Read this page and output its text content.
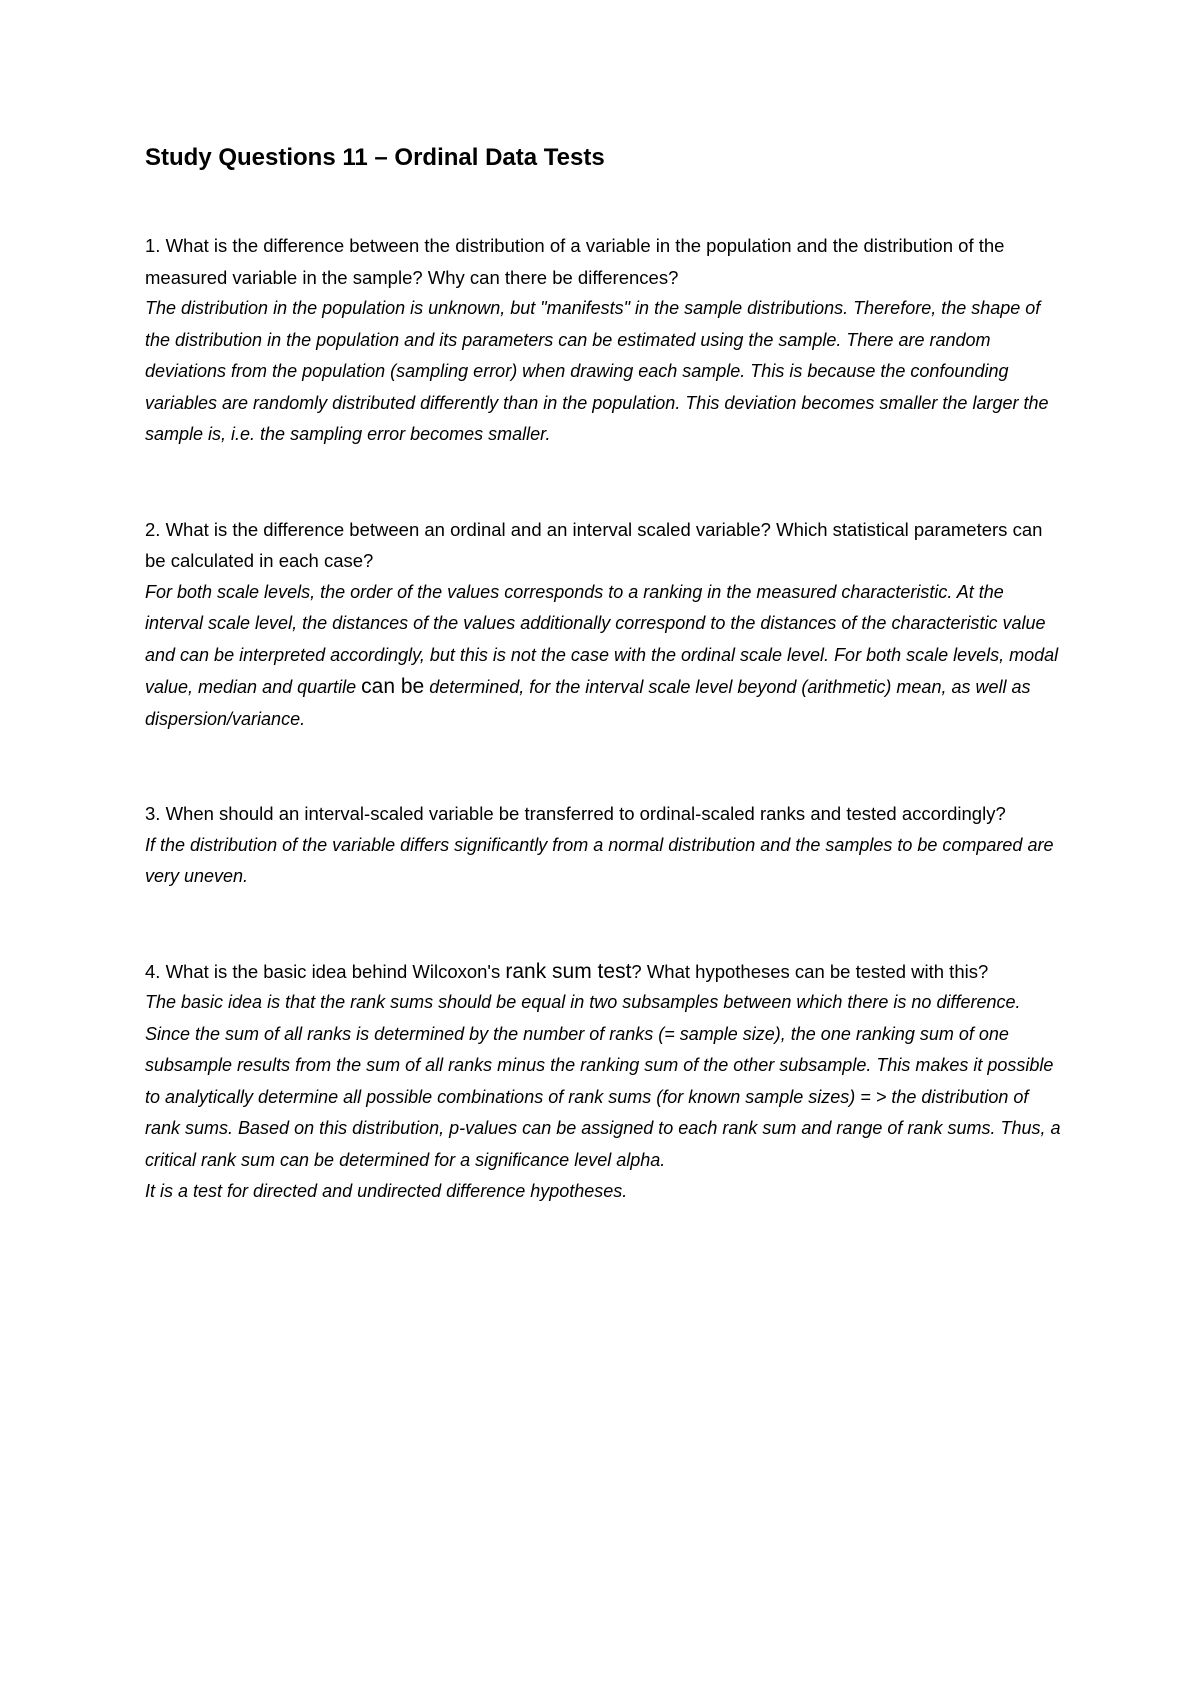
Study Questions 11 – Ordinal Data Tests

1. What is the difference between the distribution of a variable in the population and the distribution of the measured variable in the sample? Why can there be differences?

The distribution in the population is unknown, but "manifests" in the sample distributions. Therefore, the shape of the distribution in the population and its parameters can be estimated using the sample. There are random deviations from the population (sampling error) when drawing each sample. This is because the confounding variables are randomly distributed differently than in the population. This deviation becomes smaller the larger the sample is, i.e. the sampling error becomes smaller.

2. What is the difference between an ordinal and an interval scaled variable? Which statistical parameters can be calculated in each case?

For both scale levels, the order of the values corresponds to a ranking in the measured characteristic. At the interval scale level, the distances of the values additionally correspond to the distances of the characteristic value and can be interpreted accordingly, but this is not the case with the ordinal scale level. For both scale levels, modal value, median and quartile can be determined, for the interval scale level beyond (arithmetic) mean, as well as dispersion/variance.

3. When should an interval-scaled variable be transferred to ordinal-scaled ranks and tested accordingly?

If the distribution of the variable differs significantly from a normal distribution and the samples to be compared are very uneven.

4. What is the basic idea behind Wilcoxon's rank sum test? What hypotheses can be tested with this?

The basic idea is that the rank sums should be equal in two subsamples between which there is no difference. Since the sum of all ranks is determined by the number of ranks (= sample size), the one ranking sum of one subsample results from the sum of all ranks minus the ranking sum of the other subsample. This makes it possible to analytically determine all possible combinations of rank sums (for known sample sizes) = > the distribution of rank sums. Based on this distribution, p-values can be assigned to each rank sum and range of rank sums. Thus, a critical rank sum can be determined for a significance level alpha.

It is a test for directed and undirected difference hypotheses.
